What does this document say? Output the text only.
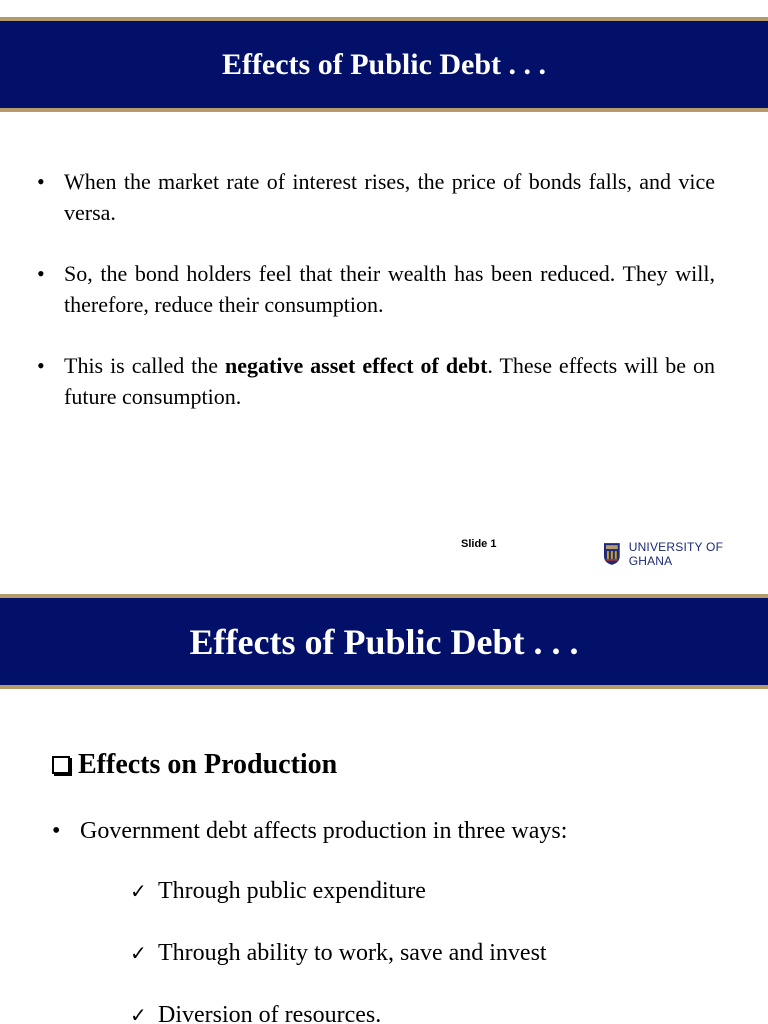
Effects of Public Debt . . .
• When the market rate of interest rises, the price of bonds falls, and vice versa.
• So, the bond holders feel that their wealth has been reduced. They will, therefore, reduce their consumption.
• This is called the negative asset effect of debt. These effects will be on future consumption.
Slide 1	UNIVERSITY OF GHANA
Effects of Public Debt . . .
Effects on Production
• Government debt affects production in three ways:
✓ Through public expenditure
✓ Through ability to work, save and invest
✓ Diversion of resources.
